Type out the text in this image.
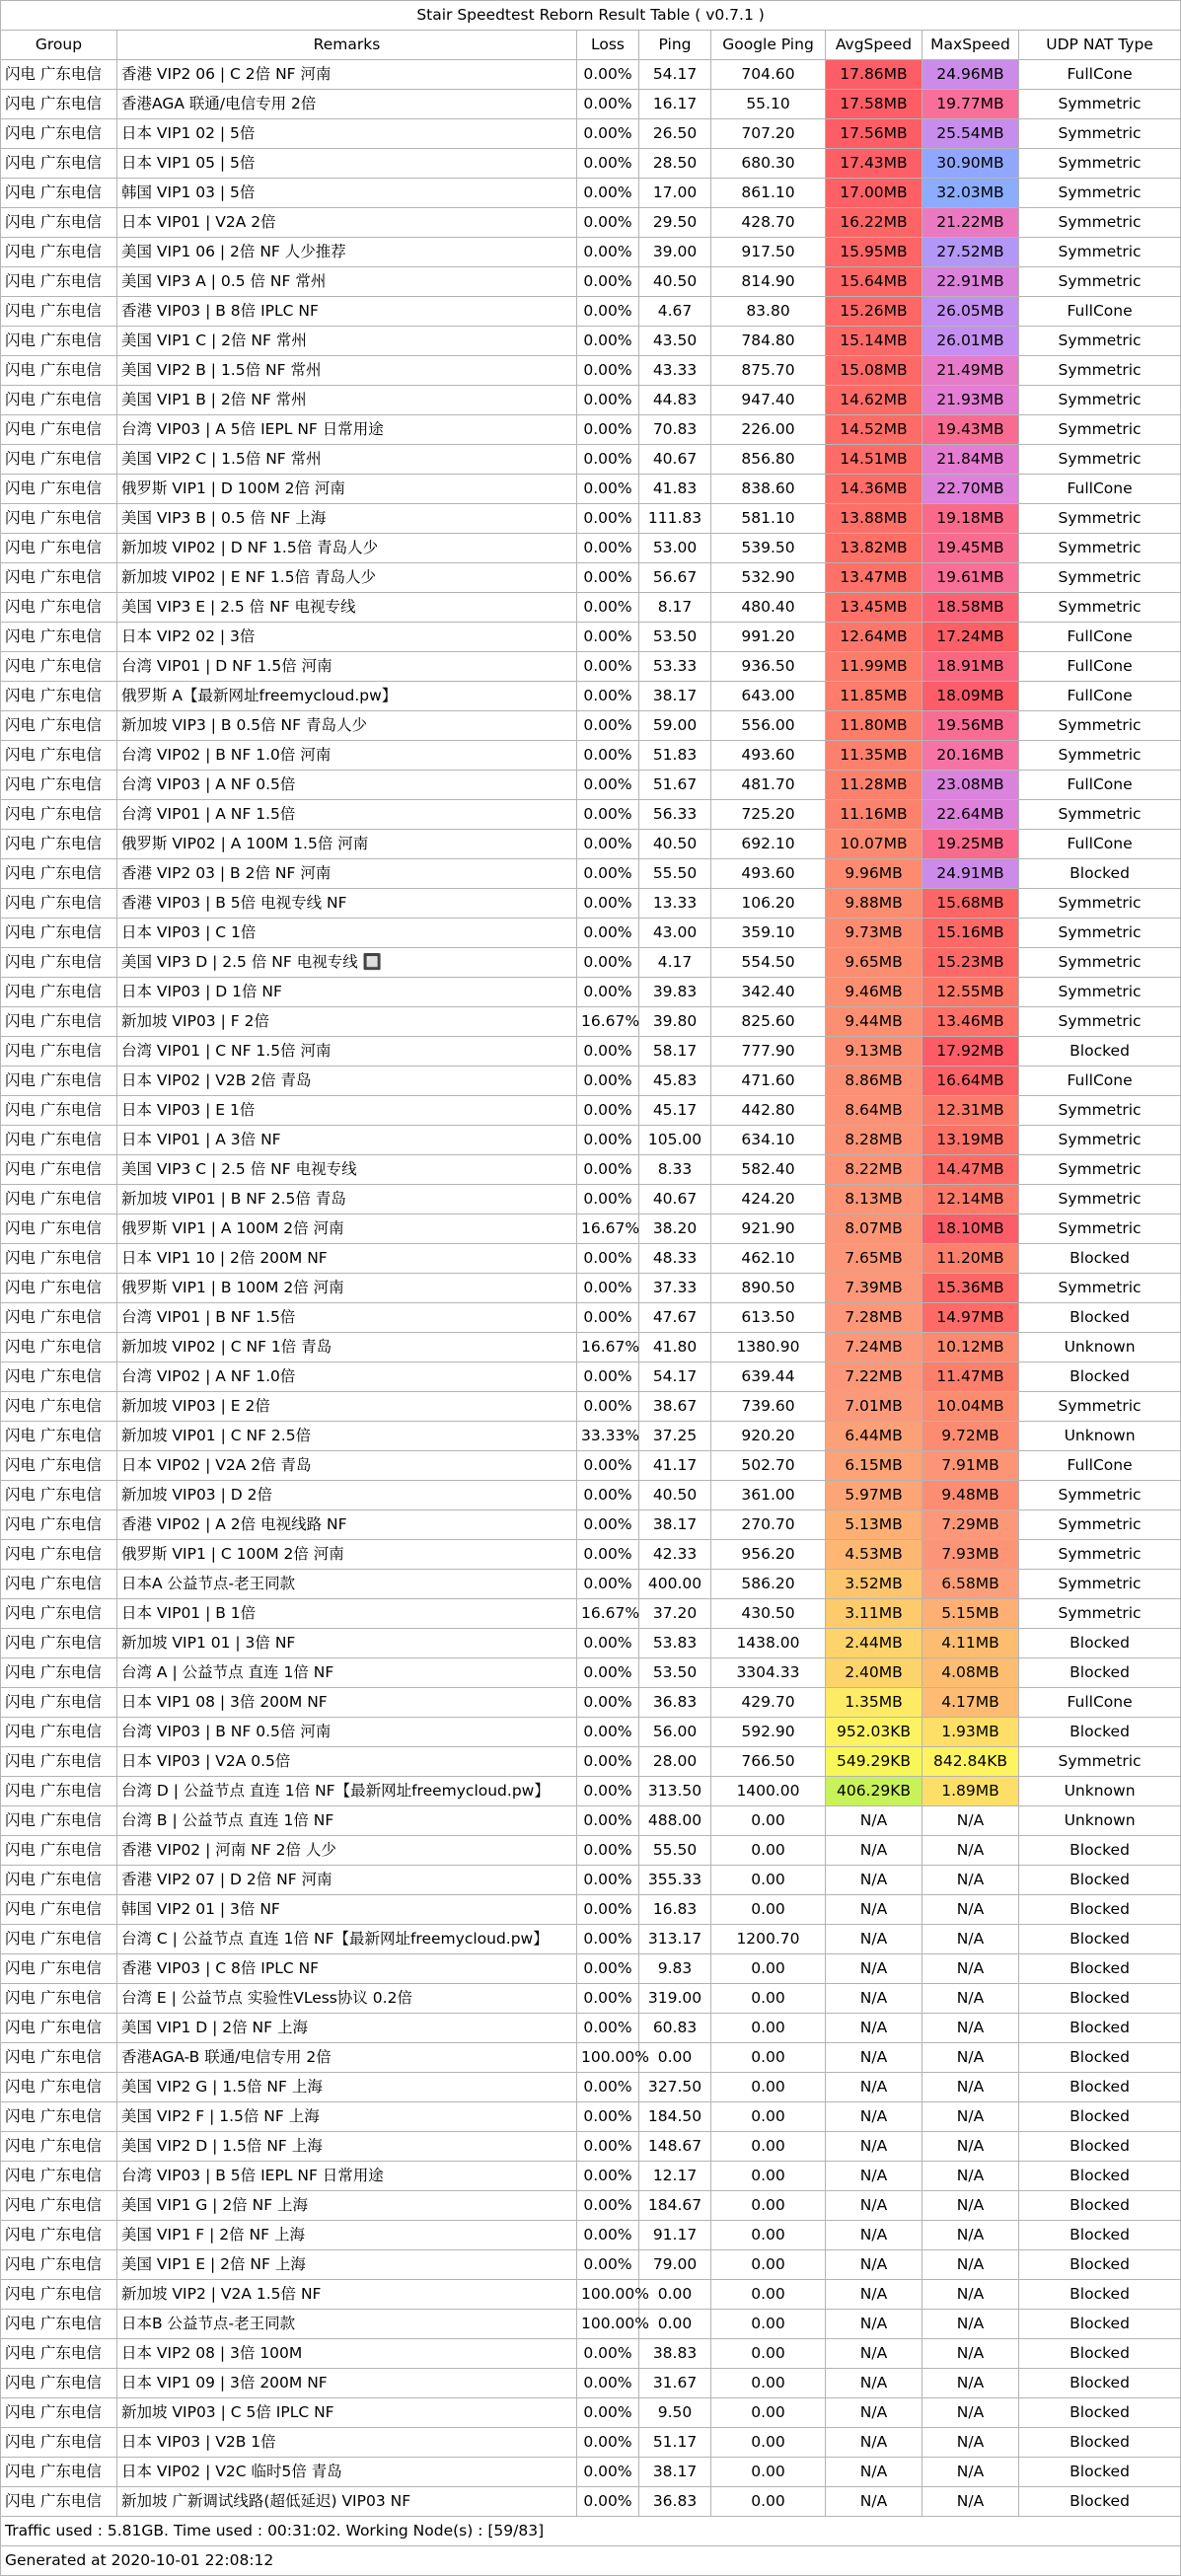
Stair Speedtest Reborn Result Table ( v0.7.1 )							
Group	Remarks	Loss	Ping	Google Ping	AvgSpeed	MaxSpeed	UDP NAT Type
闪电 广东电信	香港 VIP2 06 | C 2倍 NF 河南	0.00%	54.17	704.60	17.86MB	24.96MB	FullCone
闪电 广东电信	香港AGA 联通/电信专用 2倍	0.00%	16.17	55.10	17.58MB	19.77MB	Symmetric
闪电 广东电信	日本 VIP1 02 | 5倍	0.00%	26.50	707.20	17.56MB	25.54MB	Symmetric
闪电 广东电信	日本 VIP1 05 | 5倍	0.00%	28.50	680.30	17.43MB	30.90MB	Symmetric
闪电 广东电信	韩国 VIP1 03 | 5倍	0.00%	17.00	861.10	17.00MB	32.03MB	Symmetric
闪电 广东电信	日本 VIP01 | V2A 2倍	0.00%	29.50	428.70	16.22MB	21.22MB	Symmetric
闪电 广东电信	美国 VIP1 06 | 2倍 NF 人少推荐	0.00%	39.00	917.50	15.95MB	27.52MB	Symmetric
闪电 广东电信	美国 VIP3 A | 0.5 倍 NF 常州	0.00%	40.50	814.90	15.64MB	22.91MB	Symmetric
闪电 广东电信	香港 VIP03 | B 8倍 IPLC NF	0.00%	4.67	83.80	15.26MB	26.05MB	FullCone
闪电 广东电信	美国 VIP1 C | 2倍 NF 常州	0.00%	43.50	784.80	15.14MB	26.01MB	Symmetric
闪电 广东电信	美国 VIP2 B | 1.5倍 NF 常州	0.00%	43.33	875.70	15.08MB	21.49MB	Symmetric
闪电 广东电信	美国 VIP1 B | 2倍 NF 常州	0.00%	44.83	947.40	14.62MB	21.93MB	Symmetric
闪电 广东电信	台湾 VIP03 | A 5倍 IEPL NF 日常用途	0.00%	70.83	226.00	14.52MB	19.43MB	Symmetric
闪电 广东电信	美国 VIP2 C | 1.5倍 NF 常州	0.00%	40.67	856.80	14.51MB	21.84MB	Symmetric
闪电 广东电信	俄罗斯 VIP1 | D 100M 2倍 河南	0.00%	41.83	838.60	14.36MB	22.70MB	FullCone
闪电 广东电信	美国 VIP3 B | 0.5 倍 NF 上海	0.00%	111.83	581.10	13.88MB	19.18MB	Symmetric
闪电 广东电信	新加坡 VIP02 | D NF 1.5倍 青岛人少	0.00%	53.00	539.50	13.82MB	19.45MB	Symmetric
闪电 广东电信	新加坡 VIP02 | E NF 1.5倍 青岛人少	0.00%	56.67	532.90	13.47MB	19.61MB	Symmetric
闪电 广东电信	美国 VIP3 E | 2.5 倍 NF 电视专线	0.00%	8.17	480.40	13.45MB	18.58MB	Symmetric
闪电 广东电信	日本 VIP2 02 | 3倍	0.00%	53.50	991.20	12.64MB	17.24MB	FullCone
闪电 广东电信	台湾 VIP01 | D NF 1.5倍 河南	0.00%	53.33	936.50	11.99MB	18.91MB	FullCone
闪电 广东电信	俄罗斯 A【最新网址freemycloud.pw】	0.00%	38.17	643.00	11.85MB	18.09MB	FullCone
闪电 广东电信	新加坡 VIP3 | B 0.5倍 NF 青岛人少	0.00%	59.00	556.00	11.80MB	19.56MB	Symmetric
闪电 广东电信	台湾 VIP02 | B NF 1.0倍 河南	0.00%	51.83	493.60	11.35MB	20.16MB	Symmetric
闪电 广东电信	台湾 VIP03 | A NF 0.5倍	0.00%	51.67	481.70	11.28MB	23.08MB	FullCone
闪电 广东电信	台湾 VIP01 | A NF 1.5倍	0.00%	56.33	725.20	11.16MB	22.64MB	Symmetric
闪电 广东电信	俄罗斯 VIP02 | A 100M 1.5倍 河南	0.00%	40.50	692.10	10.07MB	19.25MB	FullCone
闪电 广东电信	香港 VIP2 03 | B 2倍 NF 河南	0.00%	55.50	493.60	9.96MB	24.91MB	Blocked
闪电 广东电信	香港 VIP03 | B 5倍 电视专线 NF	0.00%	13.33	106.20	9.88MB	15.68MB	Symmetric
闪电 广东电信	日本 VIP03 | C 1倍	0.00%	43.00	359.10	9.73MB	15.16MB	Symmetric
闪电 广东电信	美国 VIP3 D | 2.5 倍 NF 电视专线 🔲	0.00%	4.17	554.50	9.65MB	15.23MB	Symmetric
闪电 广东电信	日本 VIP03 | D 1倍 NF	0.00%	39.83	342.40	9.46MB	12.55MB	Symmetric
闪电 广东电信	新加坡 VIP03 | F 2倍	16.67%	39.80	825.60	9.44MB	13.46MB	Symmetric
闪电 广东电信	台湾 VIP01 | C NF 1.5倍 河南	0.00%	58.17	777.90	9.13MB	17.92MB	Blocked
闪电 广东电信	日本 VIP02 | V2B 2倍 青岛	0.00%	45.83	471.60	8.86MB	16.64MB	FullCone
闪电 广东电信	日本 VIP03 | E 1倍	0.00%	45.17	442.80	8.64MB	12.31MB	Symmetric
闪电 广东电信	日本 VIP01 | A 3倍 NF	0.00%	105.00	634.10	8.28MB	13.19MB	Symmetric
闪电 广东电信	美国 VIP3 C | 2.5 倍 NF 电视专线	0.00%	8.33	582.40	8.22MB	14.47MB	Symmetric
闪电 广东电信	新加坡 VIP01 | B NF 2.5倍 青岛	0.00%	40.67	424.20	8.13MB	12.14MB	Symmetric
闪电 广东电信	俄罗斯 VIP1 | A 100M 2倍 河南	16.67%	38.20	921.90	8.07MB	18.10MB	Symmetric
闪电 广东电信	日本 VIP1 10 | 2倍 200M NF	0.00%	48.33	462.10	7.65MB	11.20MB	Blocked
闪电 广东电信	俄罗斯 VIP1 | B 100M 2倍 河南	0.00%	37.33	890.50	7.39MB	15.36MB	Symmetric
闪电 广东电信	台湾 VIP01 | B NF 1.5倍	0.00%	47.67	613.50	7.28MB	14.97MB	Blocked
闪电 广东电信	新加坡 VIP02 | C NF 1倍 青岛	16.67%	41.80	1380.90	7.24MB	10.12MB	Unknown
闪电 广东电信	台湾 VIP02 | A NF 1.0倍	0.00%	54.17	639.44	7.22MB	11.47MB	Blocked
闪电 广东电信	新加坡 VIP03 | E 2倍	0.00%	38.67	739.60	7.01MB	10.04MB	Symmetric
闪电 广东电信	新加坡 VIP01 | C NF 2.5倍	33.33%	37.25	920.20	6.44MB	9.72MB	Unknown
闪电 广东电信	日本 VIP02 | V2A 2倍 青岛	0.00%	41.17	502.70	6.15MB	7.91MB	FullCone
闪电 广东电信	新加坡 VIP03 | D 2倍	0.00%	40.50	361.00	5.97MB	9.48MB	Symmetric
闪电 广东电信	香港 VIP02 | A 2倍 电视线路 NF	0.00%	38.17	270.70	5.13MB	7.29MB	Symmetric
闪电 广东电信	俄罗斯 VIP1 | C 100M 2倍 河南	0.00%	42.33	956.20	4.53MB	7.93MB	Symmetric
闪电 广东电信	日本A 公益节点-老王同款	0.00%	400.00	586.20	3.52MB	6.58MB	Symmetric
闪电 广东电信	日本 VIP01 | B 1倍	16.67%	37.20	430.50	3.11MB	5.15MB	Symmetric
闪电 广东电信	新加坡 VIP1 01 | 3倍 NF	0.00%	53.83	1438.00	2.44MB	4.11MB	Blocked
闪电 广东电信	台湾 A | 公益节点 直连 1倍 NF	0.00%	53.50	3304.33	2.40MB	4.08MB	Blocked
闪电 广东电信	日本 VIP1 08 | 3倍 200M NF	0.00%	36.83	429.70	1.35MB	4.17MB	FullCone
闪电 广东电信	台湾 VIP03 | B NF 0.5倍 河南	0.00%	56.00	592.90	952.03KB	1.93MB	Blocked
闪电 广东电信	日本 VIP03 | V2A 0.5倍	0.00%	28.00	766.50	549.29KB	842.84KB	Symmetric
闪电 广东电信	台湾 D | 公益节点 直连 1倍 NF【最新网址freemycloud.pw】	0.00%	313.50	1400.00	406.29KB	1.89MB	Unknown
闪电 广东电信	台湾 B | 公益节点 直连 1倍 NF	0.00%	488.00	0.00	N/A	N/A	Unknown
闪电 广东电信	香港 VIP02 | 河南 NF 2倍 人少	0.00%	55.50	0.00	N/A	N/A	Blocked
闪电 广东电信	香港 VIP2 07 | D 2倍 NF 河南	0.00%	355.33	0.00	N/A	N/A	Blocked
闪电 广东电信	韩国 VIP2 01 | 3倍 NF	0.00%	16.83	0.00	N/A	N/A	Blocked
闪电 广东电信	台湾 C | 公益节点 直连 1倍 NF【最新网址freemycloud.pw】	0.00%	313.17	1200.70	N/A	N/A	Blocked
闪电 广东电信	香港 VIP03 | C 8倍 IPLC NF	0.00%	9.83	0.00	N/A	N/A	Blocked
闪电 广东电信	台湾 E | 公益节点 实验性VLess协议 0.2倍	0.00%	319.00	0.00	N/A	N/A	Blocked
闪电 广东电信	美国 VIP1 D | 2倍 NF 上海	0.00%	60.83	0.00	N/A	N/A	Blocked
闪电 广东电信	香港AGA-B 联通/电信专用 2倍	100.00%	0.00	0.00	N/A	N/A	Blocked
闪电 广东电信	美国 VIP2 G | 1.5倍 NF 上海	0.00%	327.50	0.00	N/A	N/A	Blocked
闪电 广东电信	美国 VIP2 F | 1.5倍 NF 上海	0.00%	184.50	0.00	N/A	N/A	Blocked
闪电 广东电信	美国 VIP2 D | 1.5倍 NF 上海	0.00%	148.67	0.00	N/A	N/A	Blocked
闪电 广东电信	台湾 VIP03 | B 5倍 IEPL NF 日常用途	0.00%	12.17	0.00	N/A	N/A	Blocked
闪电 广东电信	美国 VIP1 G | 2倍 NF 上海	0.00%	184.67	0.00	N/A	N/A	Blocked
闪电 广东电信	美国 VIP1 F | 2倍 NF 上海	0.00%	91.17	0.00	N/A	N/A	Blocked
闪电 广东电信	美国 VIP1 E | 2倍 NF 上海	0.00%	79.00	0.00	N/A	N/A	Blocked
闪电 广东电信	新加坡 VIP2 | V2A 1.5倍 NF	100.00%	0.00	0.00	N/A	N/A	Blocked
闪电 广东电信	日本B 公益节点-老王同款	100.00%	0.00	0.00	N/A	N/A	Blocked
闪电 广东电信	日本 VIP2 08 | 3倍 100M	0.00%	38.83	0.00	N/A	N/A	Blocked
闪电 广东电信	日本 VIP1 09 | 3倍 200M NF	0.00%	31.67	0.00	N/A	N/A	Blocked
闪电 广东电信	新加坡 VIP03 | C 5倍 IPLC NF	0.00%	9.50	0.00	N/A	N/A	Blocked
闪电 广东电信	日本 VIP03 | V2B 1倍	0.00%	51.17	0.00	N/A	N/A	Blocked
闪电 广东电信	日本 VIP02 | V2C 临时5倍 青岛	0.00%	38.17	0.00	N/A	N/A	Blocked
闪电 广东电信	新加坡 广新调试线路(超低延迟) VIP03 NF	0.00%	36.83	0.00	N/A	N/A	Blocked
Traffic used : 5.81GB. Time used : 00:31:02. Working Node(s) : [59/83]							
Generated at 2020-10-01 22:08:12							
